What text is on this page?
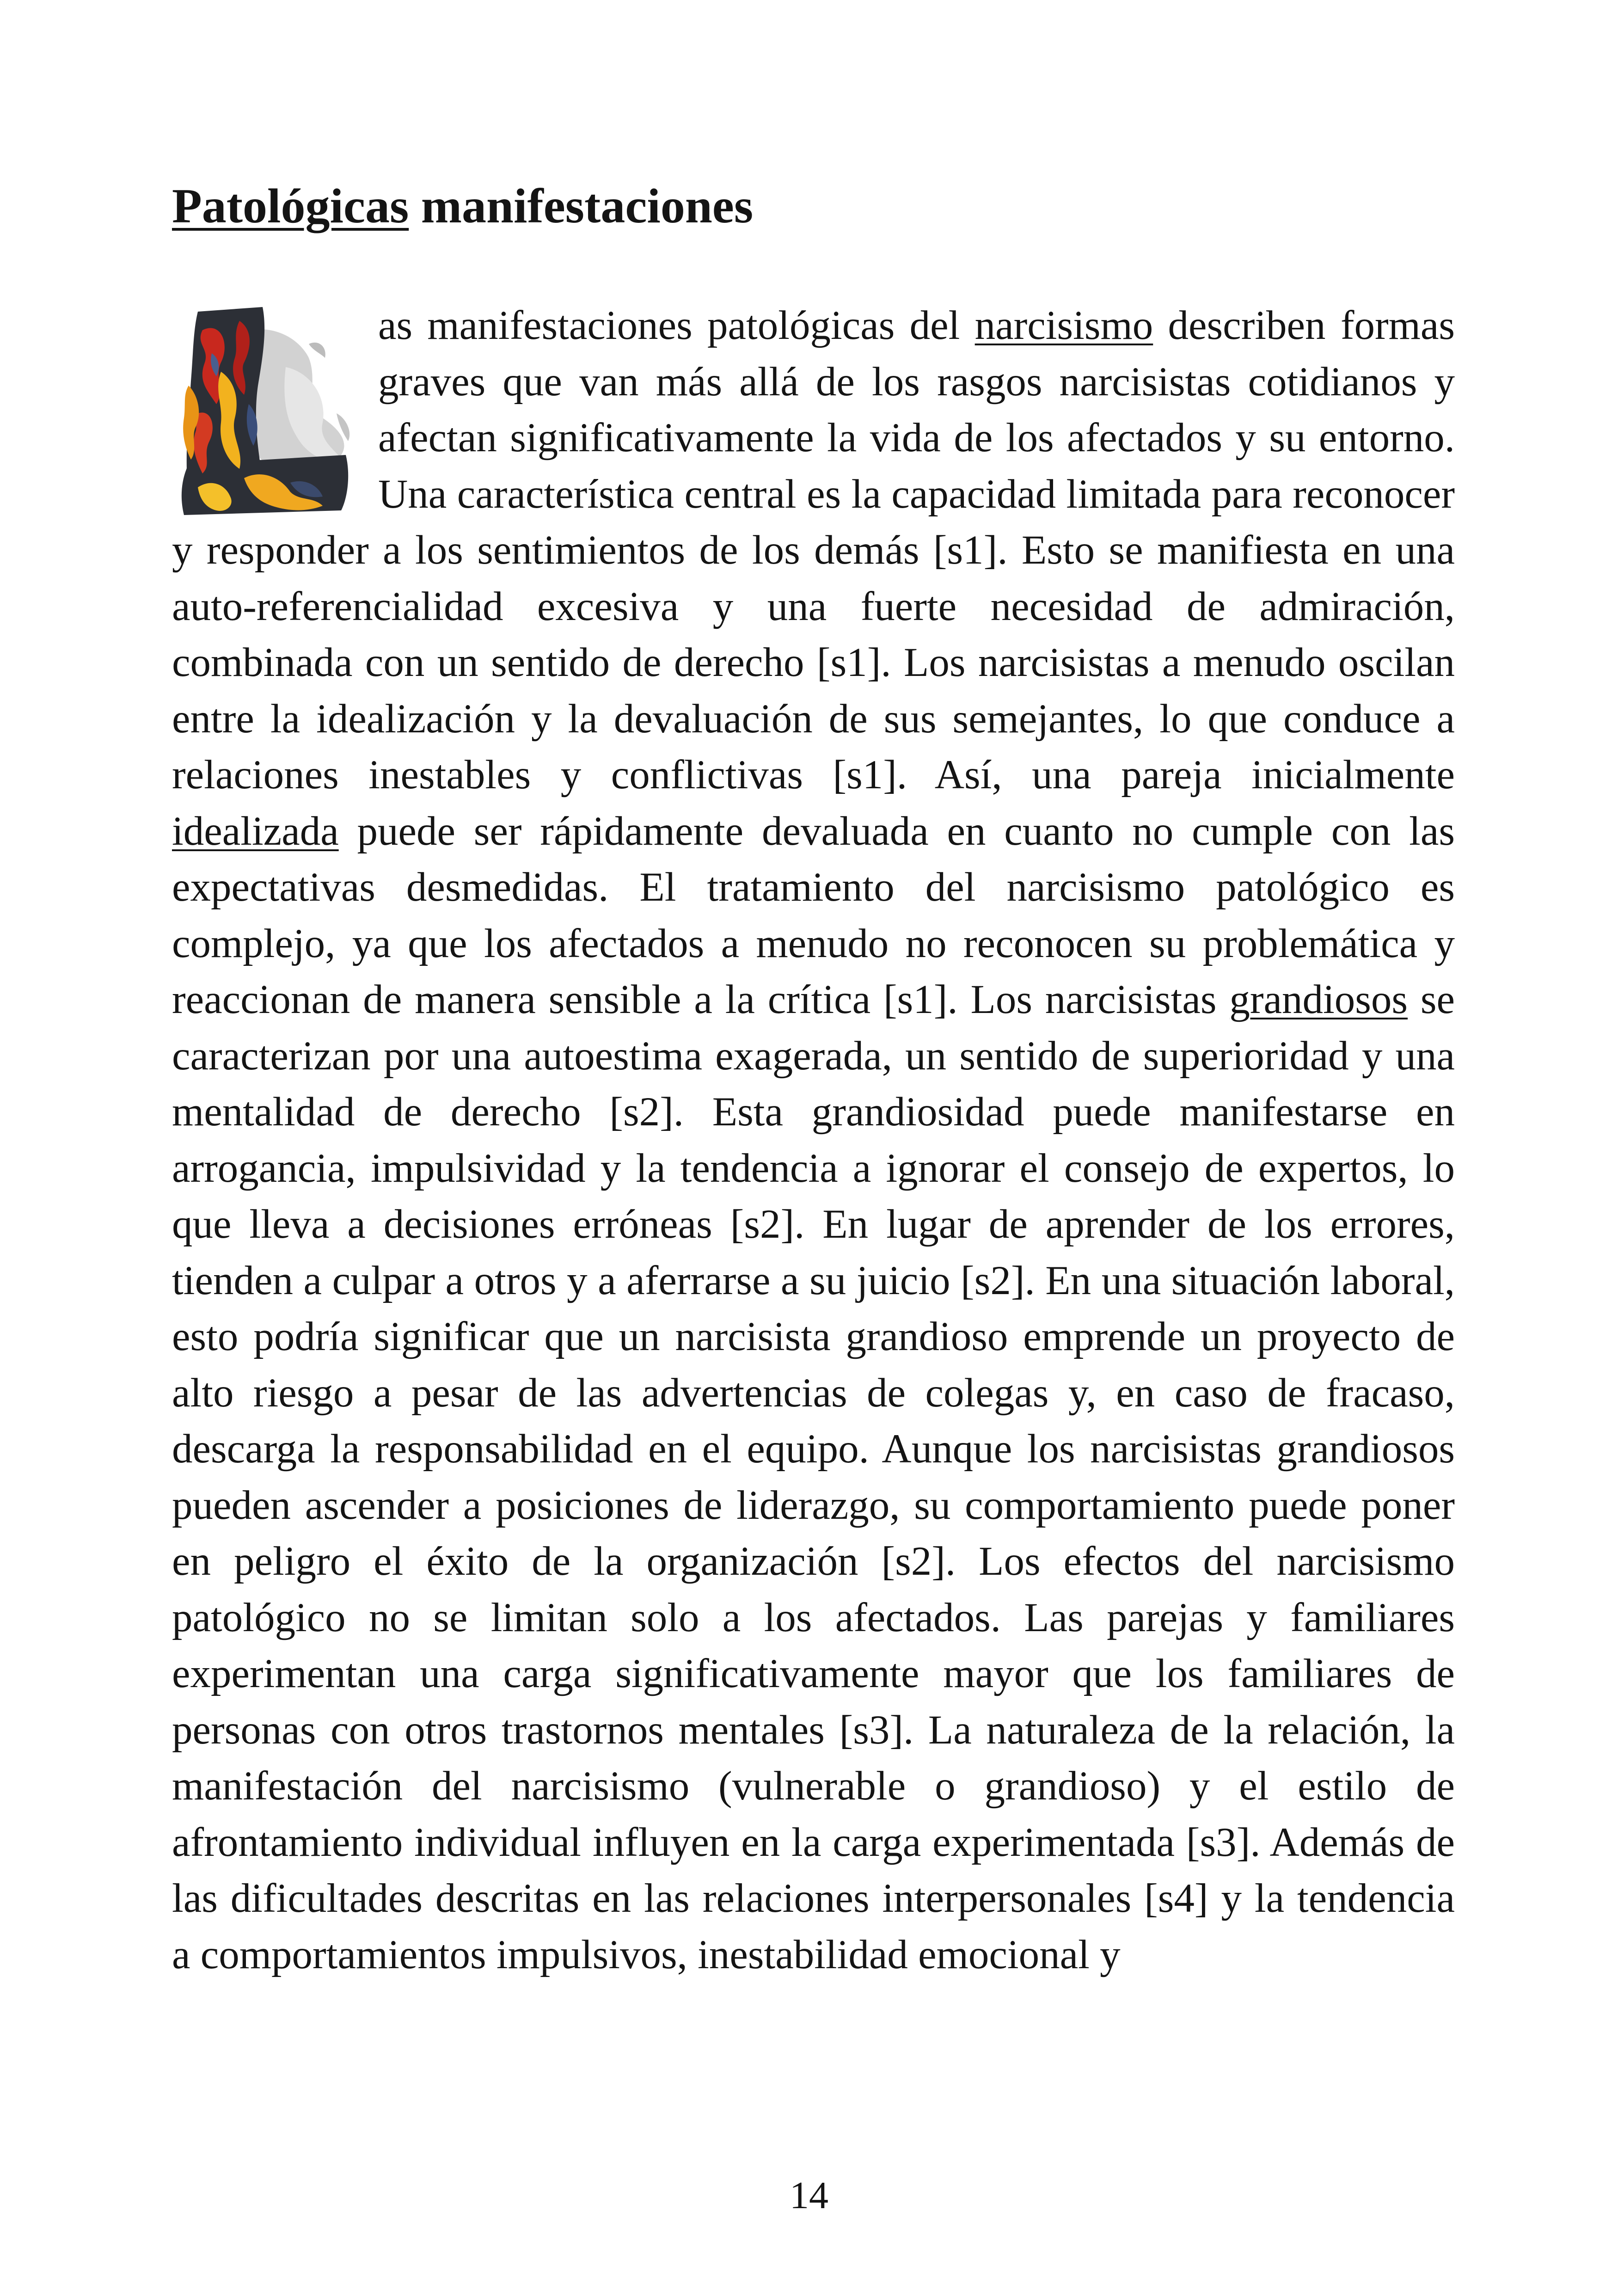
Patológicas manifestaciones

as manifestaciones patológicas del narcisismo describen formas graves que van más allá de los rasgos narcisistas cotidianos y afectan significativamente la vida de los afectados y su entorno. Una característica central es la capacidad limitada para reconocer y responder a los sentimientos de los demás [s1]. Esto se manifiesta en una auto-referencialidad excesiva y una fuerte necesidad de admiración, combinada con un sentido de derecho [s1]. Los narcisistas a menudo oscilan entre la idealización y la devaluación de sus semejantes, lo que conduce a relaciones inestables y conflictivas [s1]. Así, una pareja inicialmente idealizada puede ser rápidamente devaluada en cuanto no cumple con las expectativas desmedidas. El tratamiento del narcisismo patológico es complejo, ya que los afectados a menudo no reconocen su problemática y reaccionan de manera sensible a la crítica [s1]. Los narcisistas grandiosos se caracterizan por una autoestima exagerada, un sentido de superioridad y una mentalidad de derecho [s2]. Esta grandiosidad puede manifestarse en arrogancia, impulsividad y la tendencia a ignorar el consejo de expertos, lo que lleva a decisiones erróneas [s2]. En lugar de aprender de los errores, tienden a culpar a otros y a aferrarse a su juicio [s2]. En una situación laboral, esto podría significar que un narcisista grandioso emprende un proyecto de alto riesgo a pesar de las advertencias de colegas y, en caso de fracaso, descarga la responsabilidad en el equipo. Aunque los narcisistas grandiosos pueden ascender a posiciones de liderazgo, su comportamiento puede poner en peligro el éxito de la organización [s2]. Los efectos del narcisismo patológico no se limitan solo a los afectados. Las parejas y familiares experimentan una carga significativamente mayor que los familiares de personas con otros trastornos mentales [s3]. La naturaleza de la relación, la manifestación del narcisismo (vulnerable o grandioso) y el estilo de afrontamiento individual influyen en la carga experimentada [s3]. Además de las dificultades descritas en las relaciones interpersonales [s4] y la tendencia a comportamientos impulsivos, inestabilidad emocional y

14
